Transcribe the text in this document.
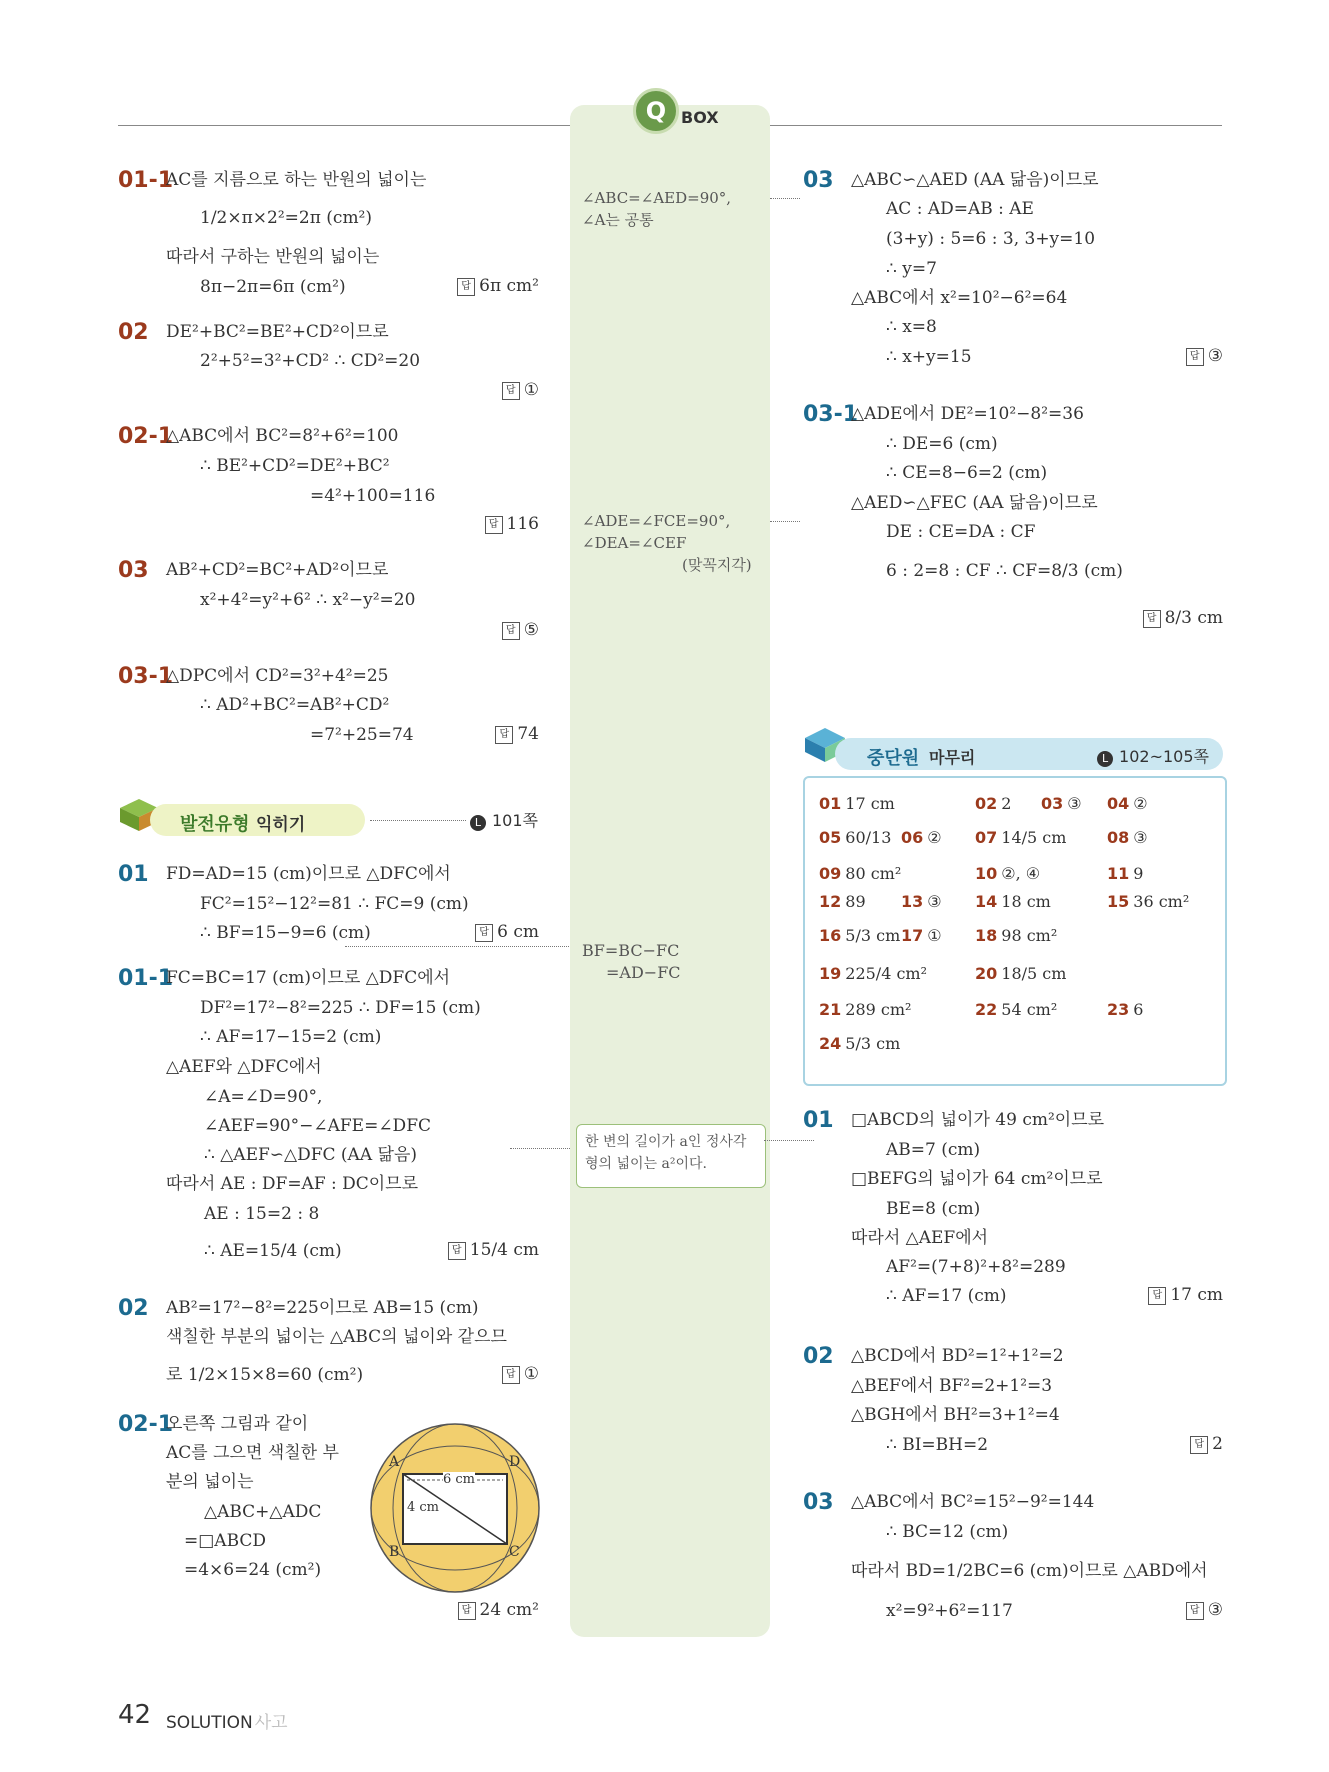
Q BOX
01-1
AC를 지름으로 하는 반원의 넓이는
1/2×π×2²=2π (cm²)
따라서 구하는 반원의 넓이는
8π−2π=6π (cm²)	답 6π cm²
02 DE²+BC²=BE²+CD²이므로
2²+5²=3²+CD² ∴ CD²=20
답 ①
02-1
△ABC에서 BC²=8²+6²=100
∴ BE²+CD²=DE²+BC²
=4²+100=116
답 116
03 AB²+CD²=BC²+AD²이므로
x²+4²=y²+6² ∴ x²−y²=20
답 ⑤
03-1
△DPC에서 CD²=3²+4²=25
∴ AD²+BC²=AB²+CD²
=7²+25=74	답 74
발전유형 익히기	L 101쪽
01 FD=AD=15 (cm)이므로 △DFC에서
FC²=15²−12²=81 ∴ FC=9 (cm)
∴ BF=15−9=6 (cm)	답 6 cm
01-1
FC=BC=17 (cm)이므로 △DFC에서
DF²=17²−8²=225 ∴ DF=15 (cm)
∴ AF=17−15=2 (cm)
△AEF와 △DFC에서
∠A=∠D=90°,
∠AEF=90°−∠AFE=∠DFC
∴ △AEF∽△DFC (AA 닮음)
따라서 AE : DF=AF : DC이므로
AE : 15=2 : 8
∴ AE=15/4 (cm)	답 15/4 cm
02 AB²=17²−8²=225이므로 AB=15 (cm)
색칠한 부분의 넓이는 △ABC의 넓이와 같으므
로 1/2×15×8=60 (cm²)	답 ①
02-1
오른쪽 그림과 같이
AC를 그으면 색칠한 부
분의 넓이는
△ABC+△ADC
=□ABCD
=4×6=24 (cm²)
답 24 cm²
A	D
B	C
6 cm
4 cm
∠ABC=∠AED=90°,
∠A는 공통
∠ADE=∠FCE=90°,
∠DEA=∠CEF
(맞꼭지각)
BF=BC−FC
=AD−FC
한 변의 길이가 a인 정사각
형의 넓이는 a²이다.
03 △ABC∽△AED (AA 닮음)이므로
AC : AD=AB : AE
(3+y) : 5=6 : 3, 3+y=10
∴ y=7
△ABC에서 x²=10²−6²=64
∴ x=8
∴ x+y=15	답 ③
03-1
△ADE에서 DE²=10²−8²=36
∴ DE=6 (cm)
∴ CE=8−6=2 (cm)
△AED∽△FEC (AA 닮음)이므로
DE : CE=DA : CF
6 : 2=8 : CF ∴ CF=8/3 (cm)
답 8/3 cm
중단원 마무리	L 102~105쪽
01 17 cm	02 2 03 ③ 04 ②
05 60/13 06 ② 07 14/5 cm	08 ③
09 80 cm²	10 ②, ④	11 9
12 89 13 ③ 14 18 cm	15 36 cm²
16 5/3 cm 17 ① 18 98 cm²
19 225/4 cm²	20 18/5 cm
21 289 cm²	22 54 cm²	23 6
24 5/3 cm
01 □ABCD의 넓이가 49 cm²이므로
AB=7 (cm)
□BEFG의 넓이가 64 cm²이므로
BE=8 (cm)
따라서 △AEF에서
AF²=(7+8)²+8²=289
∴ AF=17 (cm)	답 17 cm
02 △BCD에서 BD²=1²+1²=2
△BEF에서 BF²=2+1²=3
△BGH에서 BH²=3+1²=4
∴ BI=BH=2	답 2
03 △ABC에서 BC²=15²−9²=144
∴ BC=12 (cm)
따라서 BD=1/2BC=6 (cm)이므로 △ABD에서
x²=9²+6²=117	답 ③
42 SOLUTION 사고
